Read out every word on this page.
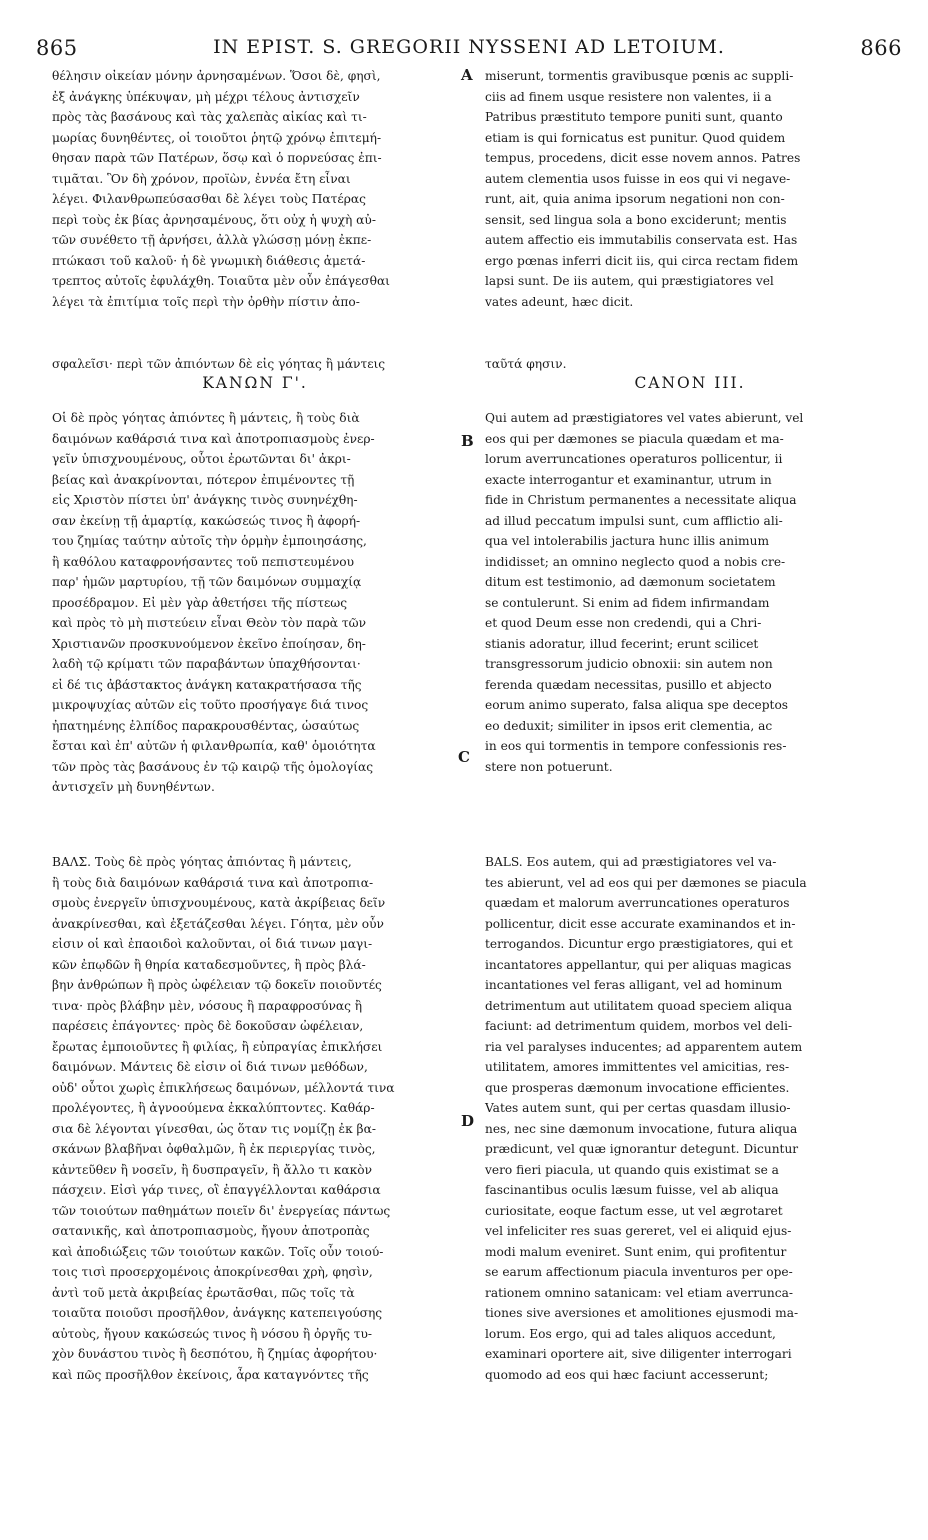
865	IN EPIST. S. GREGORII NYSSENI AD LETOIUM.	866

θέλησιν οἰκείαν μόνην ἀρνησαμένων. Ὅσοι δὲ, φησὶ,

ἐξ ἀνάγκης ὑπέκυψαν, μὴ μέχρι τέλους ἀντισχεῖν

πρὸς τὰς βασάνους καὶ τὰς χαλεπὰς αἰκίας καὶ τι-

μωρίας δυνηθέντες, οἱ τοιοῦτοι ῥητῷ χρόνῳ ἐπιτεμή-

θησαν παρὰ τῶν Πατέρων, ὅσῳ καὶ ὁ πορνεύσας ἐπι-

τιμᾶται. Ὃν δὴ χρόνον, προϊὼν, ἐννέα ἔτη εἶναι

λέγει. Φιλανθρωπεύσασθαι δὲ λέγει τοὺς Πατέρας

περὶ τοὺς ἐκ βίας ἀρνησαμένους, ὅτι οὐχ ἡ ψυχὴ αὐ-

τῶν συνέθετο τῇ ἀρνήσει, ἀλλὰ γλώσσῃ μόνῃ ἐκπε-

πτώκασι τοῦ καλοῦ· ἡ δὲ γνωμικὴ διάθεσις ἀμετά-

τρεπτος αὐτοῖς ἐφυλάχθη. Τοιαῦτα μὲν οὖν ἐπάγεσθαι

λέγει τὰ ἐπιτίμια τοῖς περὶ τὴν ὀρθὴν πίστιν ἀπο-

Οἱ δὲ πρὸς γόητας ἀπιόντες ἢ μάντεις, ἢ τοὺς διὰ

δαιμόνων καθάρσιά τινα καὶ ἀποτροπιασμοὺς ἐνερ-

γεῖν ὑπισχνουμένους, οὗτοι ἐρωτῶνται δι' ἀκρι-

βείας καὶ ἀνακρίνονται, πότερον ἐπιμένοντες τῇ

εἰς Χριστὸν πίστει ὑπ' ἀνάγκης τινὸς συνηνέχθη-

σαν ἐκείνῃ τῇ ἁμαρτίᾳ, κακώσεώς τινος ἢ ἀφορή-

του ζημίας ταύτην αὐτοῖς τὴν ὁρμὴν ἐμποιησάσης,

ἢ καθόλου καταφρονήσαντες τοῦ πεπιστευμένου

παρ' ἡμῶν μαρτυρίου, τῇ τῶν δαιμόνων συμμαχίᾳ

προσέδραμον. Εἰ μὲν γὰρ ἀθετήσει τῆς πίστεως

καὶ πρὸς τὸ μὴ πιστεύειν εἶναι Θεὸν τὸν παρὰ τῶν

Χριστιανῶν προσκυνούμενον ἐκεῖνο ἐποίησαν, δη-

λαδὴ τῷ κρίματι τῶν παραβάντων ὑπαχθήσονται·

εἰ δέ τις ἀβάστακτος ἀνάγκη κατακρατήσασα τῆς

μικροψυχίας αὐτῶν εἰς τοῦτο προσήγαγε διά τινος

ἠπατημένης ἐλπίδος παρακρουσθέντας, ὡσαύτως

ἔσται καὶ ἐπ' αὐτῶν ἡ φιλανθρωπία, καθ' ὁμοιότητα

τῶν πρὸς τὰς βασάνους ἐν τῷ καιρῷ τῆς ὁμολογίας

ἀντισχεῖν μὴ δυνηθέντων.

ΒΑΛΣ. Τοὺς δὲ πρὸς γόητας ἀπιόντας ἢ μάντεις,

ἢ τοὺς διὰ δαιμόνων καθάρσιά τινα καὶ ἀποτροπια-

σμοὺς ἐνεργεῖν ὑπισχνουμένους, κατὰ ἀκρίβειας δεῖν

ἀνακρίνεσθαι, καὶ ἐξετάζεσθαι λέγει. Γόητα, μὲν οὖν

εἰσιν οἱ καὶ ἐπαοιδοὶ καλοῦνται, οἱ διά τινων μαγι-

κῶν ἐπῳδῶν ἢ θηρία καταδεσμοῦντες, ἢ πρὸς βλά-

βην ἀνθρώπων ἢ πρὸς ὠφέλειαν τῷ δοκεῖν ποιοῦντές

τινα· πρὸς βλάβην μὲν, νόσους ἢ παραφροσύνας ἢ

παρέσεις ἐπάγοντες· πρὸς δὲ δοκοῦσαν ὠφέλειαν,

ἔρωτας ἐμποιοῦντες ἢ φιλίας, ἢ εὐπραγίας ἐπικλήσει

δαιμόνων. Μάντεις δὲ εἰσιν οἱ διά τινων μεθόδων,

οὐδ' οὗτοι χωρὶς ἐπικλήσεως δαιμόνων, μέλλοντά τινα

προλέγοντες, ἢ ἀγνοούμενα ἐκκαλύπτοντες. Καθάρ-

σια δὲ λέγονται γίνεσθαι, ὡς ὅταν τις νομίζῃ ἐκ βα-

σκάνων βλαβῆναι ὀφθαλμῶν, ἢ ἐκ περιεργίας τινὸς,

κἀντεῦθεν ἢ νοσεῖν, ἢ δυσπραγεῖν, ἢ ἄλλο τι κακὸν

πάσχειν. Εἰσὶ γάρ τινες, οἳ ἐπαγγέλλονται καθάρσια

τῶν τοιούτων παθημάτων ποιεῖν δι' ἐνεργείας πάντως

σατανικῆς, καὶ ἀποτροπιασμοὺς, ἤγουν ἀποτροπὰς

καὶ ἀποδιώξεις τῶν τοιούτων κακῶν. Τοῖς οὖν τοιού-

τοις τισὶ προσερχομένοις ἀποκρίνεσθαι χρὴ, φησὶν,

ἀντὶ τοῦ μετὰ ἀκριβείας ἐρωτᾶσθαι, πῶς τοῖς τὰ

τοιαῦτα ποιοῦσι προσῆλθον, ἀνάγκης κατεπειγούσης

αὐτοὺς, ἤγουν κακώσεώς τινος ἢ νόσου ἢ ὀργῆς τυ-

χὸν δυνάστου τινὸς ἢ δεσπότου, ἢ ζημίας ἀφορήτου·

καὶ πῶς προσῆλθον ἐκείνοις, ἆρα καταγνόντες τῆς

σφαλεῖσι· περὶ τῶν ἀπιόντων δὲ εἰς γόητας ἢ μάντεις	ταῦτά φησιν.
ΚΑΝΩΝ Γ'.	CANON III.

miserunt, tormentis gravibusque pœnis ac suppli-

ciis ad finem usque resistere non valentes, ii a

Patribus præstituto tempore puniti sunt, quanto

etiam is qui fornicatus est punitur. Quod quidem

tempus, procedens, dicit esse novem annos. Patres

autem clementia usos fuisse in eos qui vi negave-

runt, ait, quia anima ipsorum negationi non con-

sensit, sed lingua sola a bono exciderunt; mentis

autem affectio eis immutabilis conservata est. Has

ergo pœnas inferri dicit iis, qui circa rectam fidem

lapsi sunt. De iis autem, qui præstigiatores vel

vates adeunt, hæc dicit.

Qui autem ad præstigiatores vel vates abierunt, vel

eos qui per dæmones se piacula quædam et ma-

lorum averruncationes operaturos pollicentur, ii

exacte interrogantur et examinantur, utrum in

fide in Christum permanentes a necessitate aliqua

ad illud peccatum impulsi sunt, cum afflictio ali-

qua vel intolerabilis jactura hunc illis animum

indidisset; an omnino neglecto quod a nobis cre-

ditum est testimonio, ad dæmonum societatem

se contulerunt. Si enim ad fidem infirmandam

et quod Deum esse non credendi, qui a Chri-

stianis adoratur, illud fecerint; erunt scilicet

transgressorum judicio obnoxii: sin autem non

ferenda quædam necessitas, pusillo et abjecto

eorum animo superato, falsa aliqua spe deceptos

eo deduxit; similiter in ipsos erit clementia, ac

in eos qui tormentis in tempore confessionis res-

stere non potuerunt.

BALS. Eos autem, qui ad præstigiatores vel va-

tes abierunt, vel ad eos qui per dæmones se piacula

quædam et malorum averruncationes operaturos

pollicentur, dicit esse accurate examinandos et in-

terrogandos. Dicuntur ergo præstigiatores, qui et

incantatores appellantur, qui per aliquas magicas

incantationes vel feras alligant, vel ad hominum

detrimentum aut utilitatem quoad speciem aliqua

faciunt: ad detrimentum quidem, morbos vel deli-

ria vel paralyses inducentes; ad apparentem autem

utilitatem, amores immittentes vel amicitias, res-

que prosperas dæmonum invocatione efficientes.

Vates autem sunt, qui per certas quasdam illusio-

nes, nec sine dæmonum invocatione, futura aliqua

prædicunt, vel quæ ignorantur detegunt. Dicuntur

vero fieri piacula, ut quando quis existimat se a

fascinantibus oculis læsum fuisse, vel ab aliqua

curiositate, eoque factum esse, ut vel ægrotaret

vel infeliciter res suas gereret, vel ei aliquid ejus-

modi malum eveniret. Sunt enim, qui profitentur

se earum affectionum piacula inventuros per ope-

rationem omnino satanicam: vel etiam averrunca-

tiones sive aversiones et amolitiones ejusmodi ma-

lorum. Eos ergo, qui ad tales aliquos accedunt,

examinari oportere ait, sive diligenter interrogari

quomodo ad eos qui hæc faciunt accesserunt;

A
B
C
D
